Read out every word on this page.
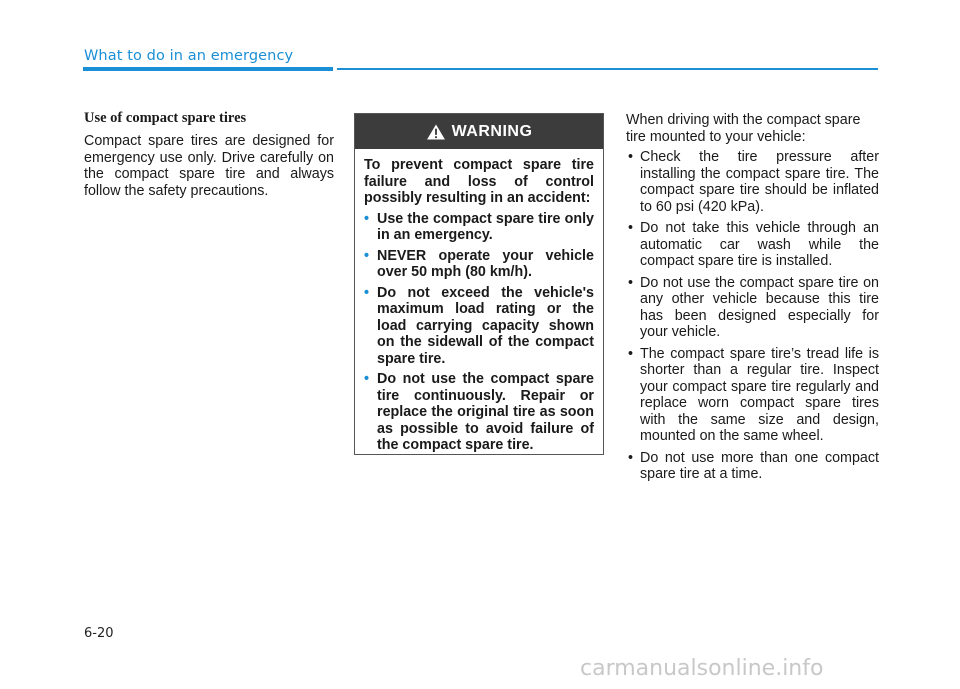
What to do in an emergency
Use of compact spare tires

Compact spare tires are designed for emergency use only. Drive carefully on the compact spare tire and always follow the safety precautions.

WARNING

To prevent compact spare tire failure and loss of control possibly resulting in an accident:

• Use the compact spare tire only in an emergency.
• NEVER operate your vehicle over 50 mph (80 km/h).
• Do not exceed the vehicle's maximum load rating or the load carrying capacity shown on the sidewall of the compact spare tire.
• Do not use the compact spare tire continuously. Repair or replace the original tire as soon as possible to avoid failure of the compact spare tire.

When driving with the compact spare tire mounted to your vehicle:

• Check the tire pressure after installing the compact spare tire. The compact spare tire should be inflated to 60 psi (420 kPa).
• Do not take this vehicle through an automatic car wash while the compact spare tire is installed.
• Do not use the compact spare tire on any other vehicle because this tire has been designed especially for your vehicle.
• The compact spare tire’s tread life is shorter than a regular tire. Inspect your compact spare tire regularly and replace worn compact spare tires with the same size and design, mounted on the same wheel.
• Do not use more than one compact spare tire at a time.
6-20
carmanualsonline.info
